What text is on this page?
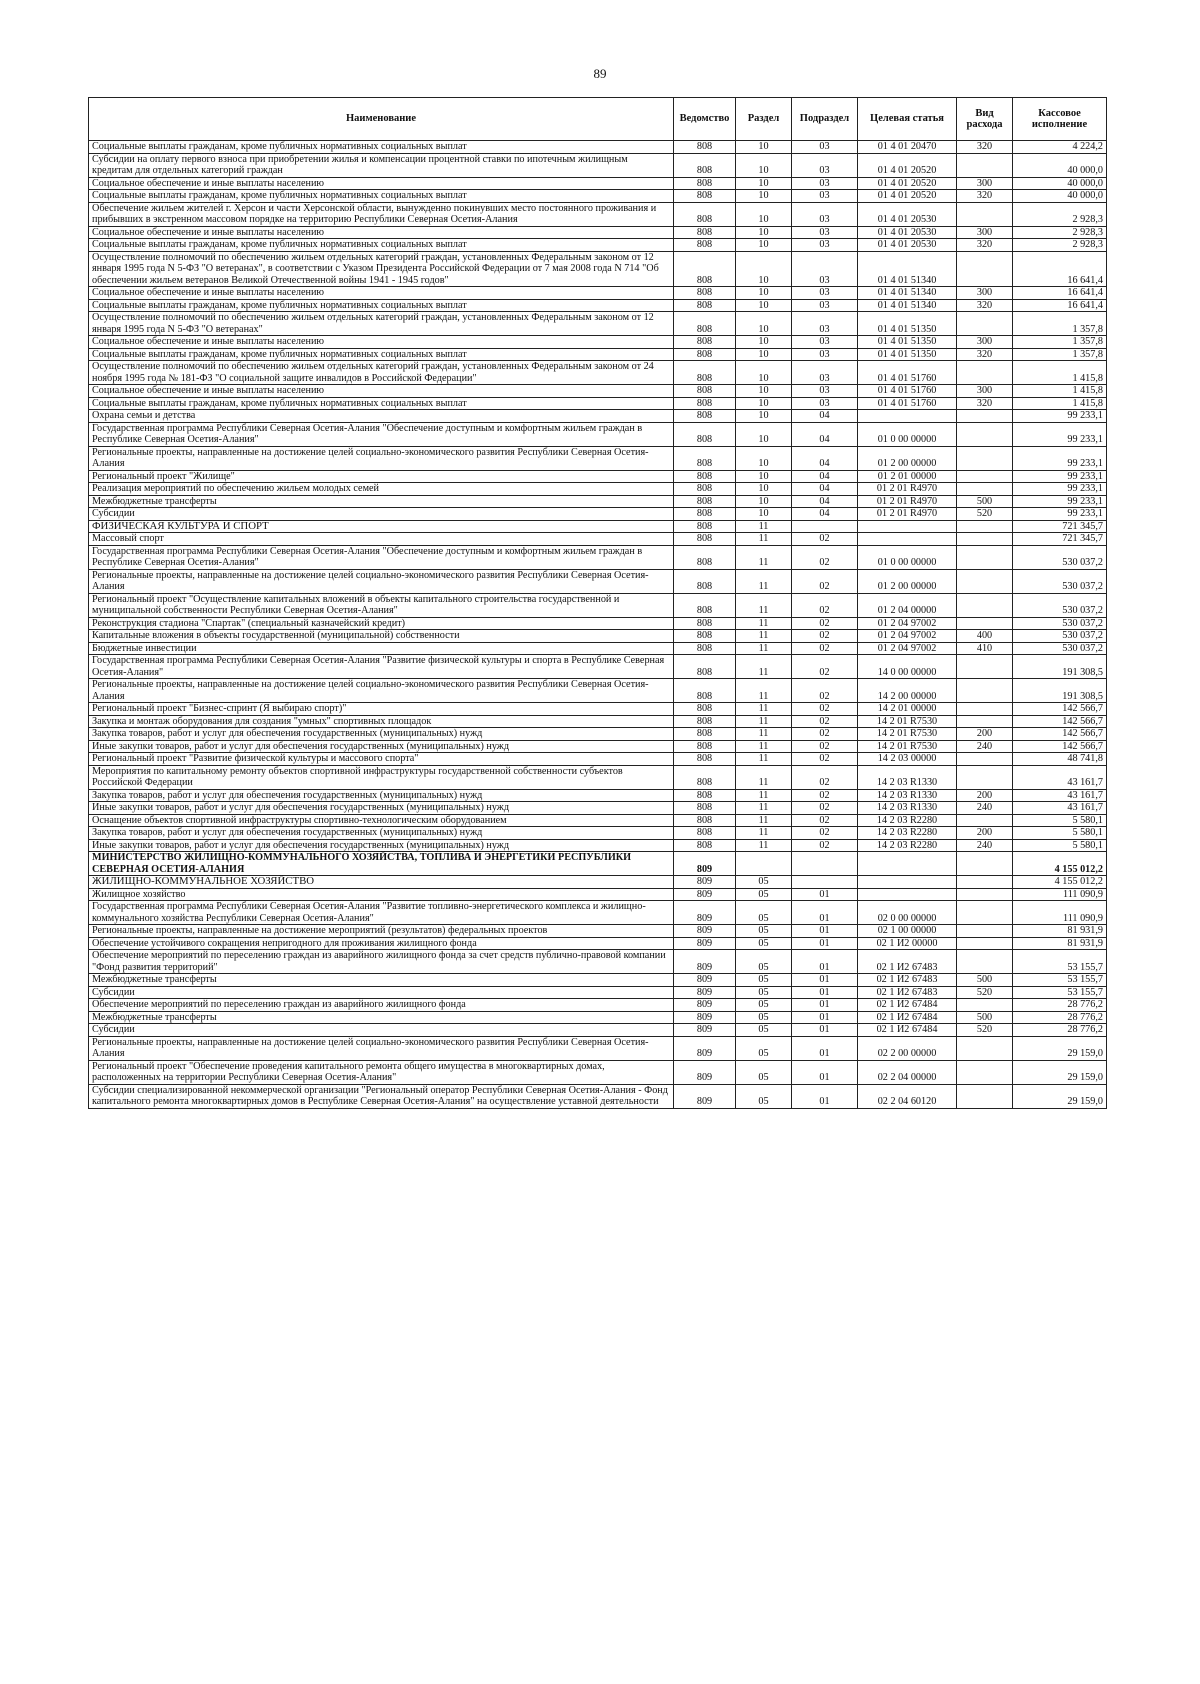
89
Наименование	Ведомство	Раздел	Подраздел	Целевая статья	Вид расхода	Кассовое исполнение
Социальные выплаты гражданам, кроме публичных нормативных социальных выплат	808	10	03	01 4 01 20470	320	4 224,2
Субсидии на оплату первого взноса при приобретении жилья и компенсации процентной ставки по ипотечным жилищным кредитам для отдельных категорий граждан	808	10	03	01 4 01 20520		40 000,0
Социальное обеспечение и иные выплаты населению	808	10	03	01 4 01 20520	300	40 000,0
Социальные выплаты гражданам, кроме публичных нормативных социальных выплат	808	10	03	01 4 01 20520	320	40 000,0
Обеспечение жильем жителей г. Херсон и части Херсонской области, вынужденно покинувших место постоянного проживания и прибывших в экстренном массовом порядке на территорию Республики Северная Осетия-Алания	808	10	03	01 4 01 20530		2 928,3
Социальное обеспечение и иные выплаты населению	808	10	03	01 4 01 20530	300	2 928,3
Социальные выплаты гражданам, кроме публичных нормативных социальных выплат	808	10	03	01 4 01 20530	320	2 928,3
Осуществление полномочий по обеспечению жильем отдельных категорий граждан, установленных Федеральным законом от 12 января 1995 года N 5-ФЗ "О ветеранах", в соответствии с Указом Президента Российской Федерации от 7 мая 2008 года N 714 "Об обеспечении жильем ветеранов Великой Отечественной войны 1941 - 1945 годов"	808	10	03	01 4 01 51340		16 641,4
Социальное обеспечение и иные выплаты населению	808	10	03	01 4 01 51340	300	16 641,4
Социальные выплаты гражданам, кроме публичных нормативных социальных выплат	808	10	03	01 4 01 51340	320	16 641,4
Осуществление полномочий по обеспечению жильем отдельных категорий граждан, установленных Федеральным законом от 12 января 1995 года N 5-ФЗ "О ветеранах"	808	10	03	01 4 01 51350		1 357,8
Социальное обеспечение и иные выплаты населению	808	10	03	01 4 01 51350	300	1 357,8
Социальные выплаты гражданам, кроме публичных нормативных социальных выплат	808	10	03	01 4 01 51350	320	1 357,8
Осуществление полномочий по обеспечению жильем отдельных категорий граждан, установленных Федеральным законом от 24 ноября 1995 года № 181-ФЗ "О социальной защите инвалидов в Российской Федерации"	808	10	03	01 4 01 51760		1 415,8
Социальное обеспечение и иные выплаты населению	808	10	03	01 4 01 51760	300	1 415,8
Социальные выплаты гражданам, кроме публичных нормативных социальных выплат	808	10	03	01 4 01 51760	320	1 415,8
Охрана семьи и детства	808	10	04			99 233,1
Государственная программа Республики Северная Осетия-Алания "Обеспечение доступным и комфортным жильем граждан в Республике Северная Осетия-Алания"	808	10	04	01 0 00 00000		99 233,1
Региональные проекты, направленные на достижение целей социально-экономического развития Республики Северная Осетия-Алания	808	10	04	01 2 00 00000		99 233,1
Региональный проект "Жилище"	808	10	04	01 2 01 00000		99 233,1
Реализация мероприятий по обеспечению жильем молодых семей	808	10	04	01 2 01 R4970		99 233,1
Межбюджетные трансферты	808	10	04	01 2 01 R4970	500	99 233,1
Субсидии	808	10	04	01 2 01 R4970	520	99 233,1
ФИЗИЧЕСКАЯ КУЛЬТУРА И СПОРТ	808	11				721 345,7
Массовый спорт	808	11	02			721 345,7
Государственная программа Республики Северная Осетия-Алания "Обеспечение доступным и комфортным жильем граждан в Республике Северная Осетия-Алания"	808	11	02	01 0 00 00000		530 037,2
Региональные проекты, направленные на достижение целей социально-экономического развития Республики Северная Осетия-Алания	808	11	02	01 2 00 00000		530 037,2
Региональный проект "Осуществление капитальных вложений в объекты капитального строительства государственной и муниципальной собственности Республики Северная Осетия-Алания"	808	11	02	01 2 04 00000		530 037,2
Реконструкция стадиона "Спартак" (специальный казначейский кредит)	808	11	02	01 2 04 97002		530 037,2
Капитальные вложения в объекты государственной (муниципальной) собственности	808	11	02	01 2 04 97002	400	530 037,2
Бюджетные инвестиции	808	11	02	01 2 04 97002	410	530 037,2
Государственная программа Республики Северная Осетия-Алания "Развитие физической культуры и спорта в Республике Северная Осетия-Алания"	808	11	02	14 0 00 00000		191 308,5
Региональные проекты, направленные на достижение целей социально-экономического развития Республики Северная Осетия-Алания	808	11	02	14 2 00 00000		191 308,5
Региональный проект "Бизнес-спринт (Я выбираю спорт)"	808	11	02	14 2 01 00000		142 566,7
Закупка и монтаж оборудования для создания "умных" спортивных площадок	808	11	02	14 2 01 R7530		142 566,7
Закупка товаров, работ и услуг для обеспечения государственных (муниципальных) нужд	808	11	02	14 2 01 R7530	200	142 566,7
Иные закупки товаров, работ и услуг для обеспечения государственных (муниципальных) нужд	808	11	02	14 2 01 R7530	240	142 566,7
Региональный проект "Развитие физической культуры и массового спорта"	808	11	02	14 2 03 00000		48 741,8
Мероприятия по капитальному ремонту объектов спортивной инфраструктуры государственной собственности субъектов Российской Федерации	808	11	02	14 2 03 R1330		43 161,7
Закупка товаров, работ и услуг для обеспечения государственных (муниципальных) нужд	808	11	02	14 2 03 R1330	200	43 161,7
Иные закупки товаров, работ и услуг для обеспечения государственных (муниципальных) нужд	808	11	02	14 2 03 R1330	240	43 161,7
Оснащение объектов спортивной инфраструктуры спортивно-технологическим оборудованием	808	11	02	14 2 03 R2280		5 580,1
Закупка товаров, работ и услуг для обеспечения государственных (муниципальных) нужд	808	11	02	14 2 03 R2280	200	5 580,1
Иные закупки товаров, работ и услуг для обеспечения государственных (муниципальных) нужд	808	11	02	14 2 03 R2280	240	5 580,1
МИНИСТЕРСТВО ЖИЛИЩНО-КОММУНАЛЬНОГО ХОЗЯЙСТВА, ТОПЛИВА И ЭНЕРГЕТИКИ РЕСПУБЛИКИ СЕВЕРНАЯ ОСЕТИЯ-АЛАНИЯ	809					4 155 012,2
ЖИЛИЩНО-КОММУНАЛЬНОЕ ХОЗЯЙСТВО	809	05				4 155 012,2
Жилищное хозяйство	809	05	01			111 090,9
Государственная программа Республики Северная Осетия-Алания "Развитие топливно-энергетического комплекса и жилищно-коммунального хозяйства Республики Северная Осетия-Алания"	809	05	01	02 0 00 00000		111 090,9
Региональные проекты, направленные на достижение мероприятий (результатов) федеральных проектов	809	05	01	02 1 00 00000		81 931,9
Обеспечение устойчивого сокращения непригодного для проживания жилищного фонда	809	05	01	02 1 И2 00000		81 931,9
Обеспечение мероприятий по переселению граждан из аварийного жилищного фонда за счет средств публично-правовой компании "Фонд развития территорий"	809	05	01	02 1 И2 67483		53 155,7
Межбюджетные трансферты	809	05	01	02 1 И2 67483	500	53 155,7
Субсидии	809	05	01	02 1 И2 67483	520	53 155,7
Обеспечение мероприятий по переселению граждан из аварийного жилищного фонда	809	05	01	02 1 И2 67484		28 776,2
Межбюджетные трансферты	809	05	01	02 1 И2 67484	500	28 776,2
Субсидии	809	05	01	02 1 И2 67484	520	28 776,2
Региональные проекты, направленные на достижение целей социально-экономического развития Республики Северная Осетия-Алания	809	05	01	02 2 00 00000		29 159,0
Региональный проект "Обеспечение проведения капитального ремонта общего имущества в многоквартирных домах, расположенных на территории Республики Северная Осетия-Алания"	809	05	01	02 2 04 00000		29 159,0
Субсидии специализированной некоммерческой организации "Региональный оператор Республики Северная Осетия-Алания - Фонд капитального ремонта многоквартирных домов в Республике Северная Осетия-Алания" на осуществление уставной деятельности	809	05	01	02 2 04 60120		29 159,0
